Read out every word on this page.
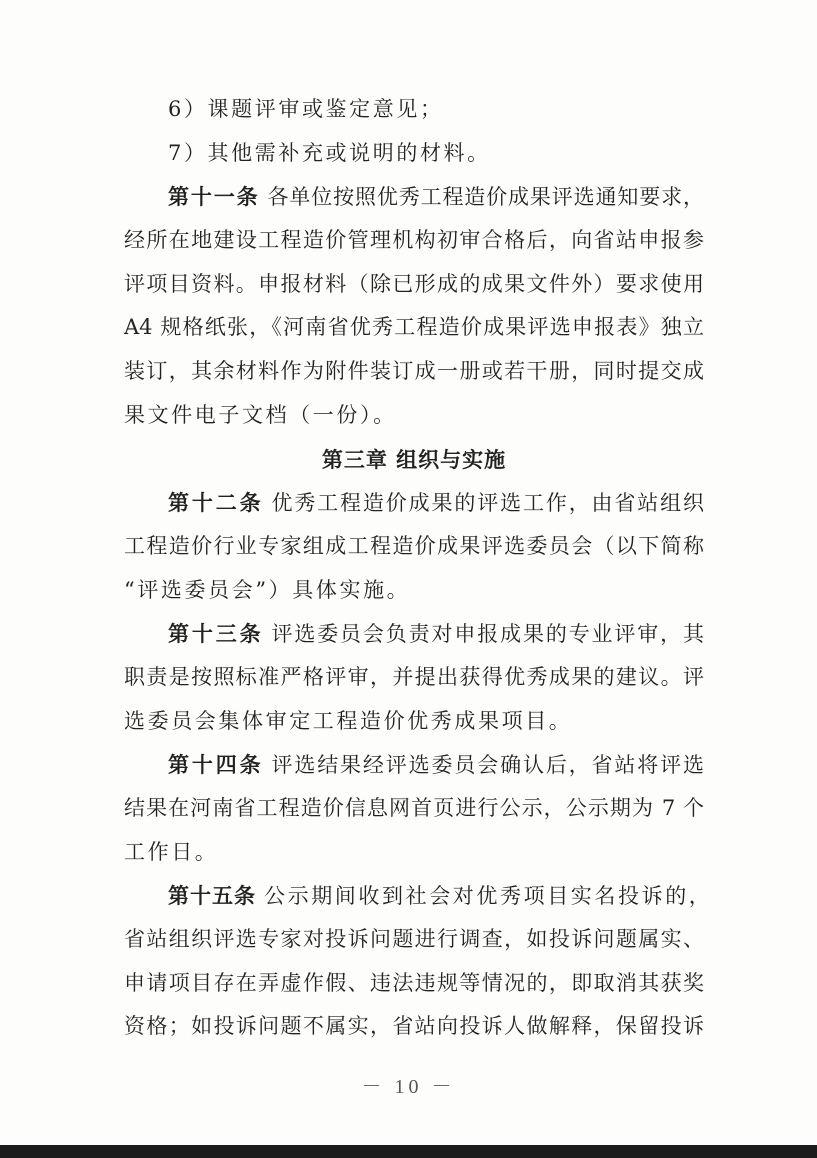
6）课题评审或鉴定意见；
7）其他需补充或说明的材料。
第十一条 各单位按照优秀工程造价成果评选通知要求，
经所在地建设工程造价管理机构初审合格后，向省站申报参
评项目资料。申报材料（除已形成的成果文件外）要求使用
A4 规格纸张，《河南省优秀工程造价成果评选申报表》独立
装订，其余材料作为附件装订成一册或若干册，同时提交成
果文件电子文档（一份）。
第三章 组织与实施
第十二条 优秀工程造价成果的评选工作，由省站组织
工程造价行业专家组成工程造价成果评选委员会（以下简称
“评选委员会”）具体实施。
第十三条 评选委员会负责对申报成果的专业评审，其
职责是按照标准严格评审，并提出获得优秀成果的建议。评
选委员会集体审定工程造价优秀成果项目。
第十四条 评选结果经评选委员会确认后，省站将评选
结果在河南省工程造价信息网首页进行公示，公示期为 7 个
工作日。
第十五条 公示期间收到社会对优秀项目实名投诉的，
省站组织评选专家对投诉问题进行调查，如投诉问题属实、
申请项目存在弄虚作假、违法违规等情况的，即取消其获奖
资格；如投诉问题不属实，省站向投诉人做解释，保留投诉
－ 10 －
